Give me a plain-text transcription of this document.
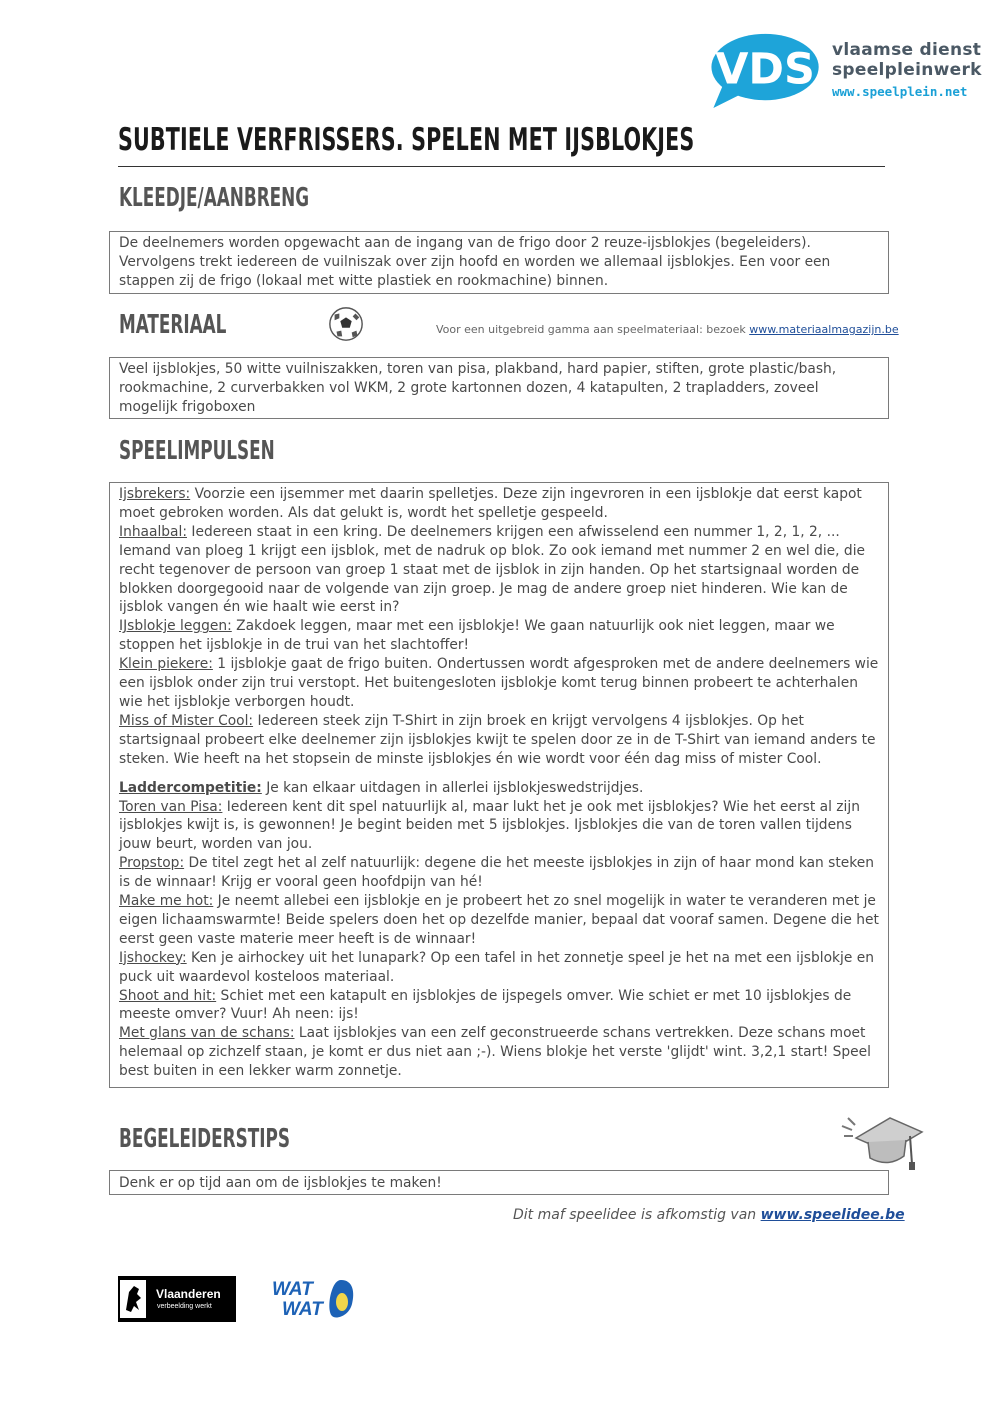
VDS vlaamse dienst
speelpleinwerk
www.speelplein.net
SUBTIELE VERFRISSERS. SPELEN MET IJSBLOKJES
KLEEDJE/AANBRENG

De deelnemers worden opgewacht aan de ingang van de frigo door 2 reuze-ijsblokjes (begeleiders). Vervolgens trekt iedereen de vuilniszak over zijn hoofd en worden we allemaal ijsblokjes. Een voor een stappen zij de frigo (lokaal met witte plastiek en rookmachine) binnen.

MATERIAAL	Voor een uitgebreid gamma aan speelmateriaal: bezoek www.materiaalmagazijn.be

Veel ijsblokjes, 50 witte vuilniszakken, toren van pisa, plakband, hard papier, stiften, grote plastic/bash, rookmachine, 2 curverbakken vol WKM, 2 grote kartonnen dozen, 4 katapulten, 2 trapladders, zoveel mogelijk frigoboxen

SPEELIMPULSEN

Ijsbrekers: Voorzie een ijsemmer met daarin spelletjes. Deze zijn ingevroren in een ijsblokje dat eerst kapot moet gebroken worden. Als dat gelukt is, wordt het spelletje gespeeld.

Inhaalbal: Iedereen staat in een kring. De deelnemers krijgen een afwisselend een nummer 1, 2, 1, 2, ... Iemand van ploeg 1 krijgt een ijsblok, met de nadruk op blok. Zo ook iemand met nummer 2 en wel die, die recht tegenover de persoon van groep 1 staat met de ijsblok in zijn handen. Op het startsignaal worden de blokken doorgegooid naar de volgende van zijn groep. Je mag de andere groep niet hinderen. Wie kan de ijsblok vangen én wie haalt wie eerst in?

IJsblokje leggen: Zakdoek leggen, maar met een ijsblokje! We gaan natuurlijk ook niet leggen, maar we stoppen het ijsblokje in de trui van het slachtoffer!

Klein piekere: 1 ijsblokje gaat de frigo buiten. Ondertussen wordt afgesproken met de andere deelnemers wie een ijsblok onder zijn trui verstopt. Het buitengesloten ijsblokje komt terug binnen probeert te achterhalen wie het ijsblokje verborgen houdt.

Miss of Mister Cool: Iedereen steek zijn T-Shirt in zijn broek en krijgt vervolgens 4 ijsblokjes. Op het startsignaal probeert elke deelnemer zijn ijsblokjes kwijt te spelen door ze in de T-Shirt van iemand anders te steken. Wie heeft na het stopsein de minste ijsblokjes én wie wordt voor één dag miss of mister Cool.

Laddercompetitie: Je kan elkaar uitdagen in allerlei ijsblokjeswedstrijdjes.

Toren van Pisa: Iedereen kent dit spel natuurlijk al, maar lukt het je ook met ijsblokjes? Wie het eerst al zijn ijsblokjes kwijt is, is gewonnen! Je begint beiden met 5 ijsblokjes. Ijsblokjes die van de toren vallen tijdens jouw beurt, worden van jou.

Propstop: De titel zegt het al zelf natuurlijk: degene die het meeste ijsblokjes in zijn of haar mond kan steken is de winnaar! Krijg er vooral geen hoofdpijn van hé!

Make me hot: Je neemt allebei een ijsblokje en je probeert het zo snel mogelijk in water te veranderen met je eigen lichaamswarmte! Beide spelers doen het op dezelfde manier, bepaal dat vooraf samen. Degene die het eerst geen vaste materie meer heeft is de winnaar!

Ijshockey: Ken je airhockey uit het lunapark? Op een tafel in het zonnetje speel je het na met een ijsblokje en puck uit waardevol kosteloos materiaal.

Shoot and hit: Schiet met een katapult en ijsblokjes de ijspegels omver. Wie schiet er met 10 ijsblokjes de meeste omver? Vuur! Ah neen: ijs!

Met glans van de schans: Laat ijsblokjes van een zelf geconstrueerde schans vertrekken. Deze schans moet helemaal op zichzelf staan, je komt er dus niet aan ;-). Wiens blokje het verste 'glijdt' wint. 3,2,1 start! Speel best buiten in een lekker warm zonnetje.

BEGELEIDERSTIPS

Denk er op tijd aan om de ijsblokjes te maken!

Dit maf speelidee is afkomstig van www.speelidee.be
Vlaanderen
verbeelding werkt
WAT
WAT
